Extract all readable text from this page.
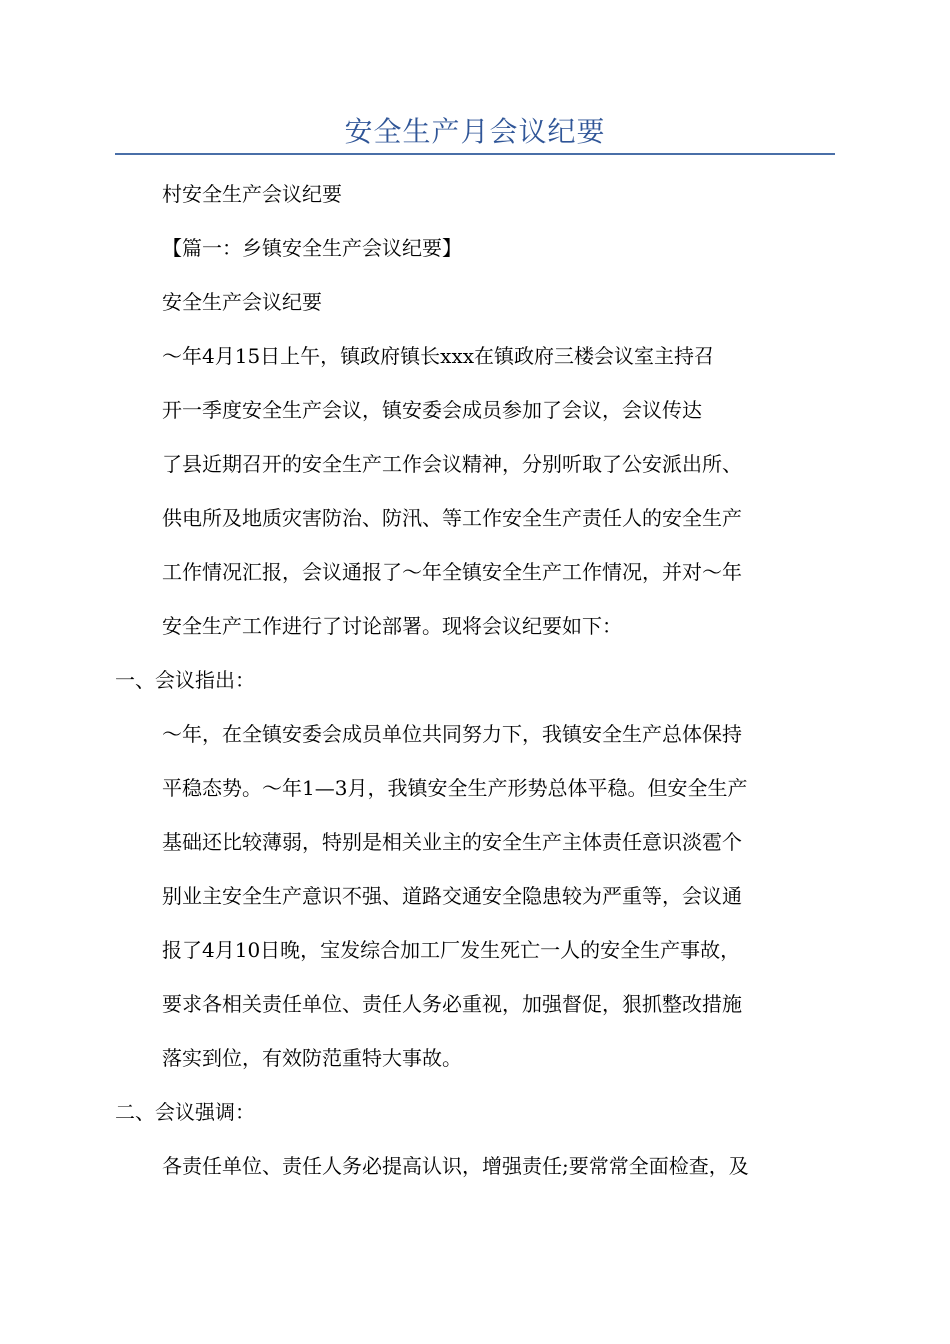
安全生产月会议纪要
村安全生产会议纪要
【篇一：乡镇安全生产会议纪要】
安全生产会议纪要
～年4月15日上午，镇政府镇长xxx在镇政府三楼会议室主持召
开一季度安全生产会议，镇安委会成员参加了会议，会议传达
了县近期召开的安全生产工作会议精神，分别听取了公安派出所、
供电所及地质灾害防治、防汛、等工作安全生产责任人的安全生产
工作情况汇报，会议通报了～年全镇安全生产工作情况，并对～年
安全生产工作进行了讨论部署。现将会议纪要如下：
一、会议指出：
～年，在全镇安委会成员单位共同努力下，我镇安全生产总体保持
平稳态势。～年1—3月，我镇安全生产形势总体平稳。但安全生产
基础还比较薄弱，特别是相关业主的安全生产主体责任意识淡雹个
别业主安全生产意识不强、道路交通安全隐患较为严重等，会议通
报了4月10日晚，宝发综合加工厂发生死亡一人的安全生产事故，
要求各相关责任单位、责任人务必重视，加强督促，狠抓整改措施
落实到位，有效防范重特大事故。
二、会议强调：
各责任单位、责任人务必提高认识，增强责任;要常常全面检查，及
